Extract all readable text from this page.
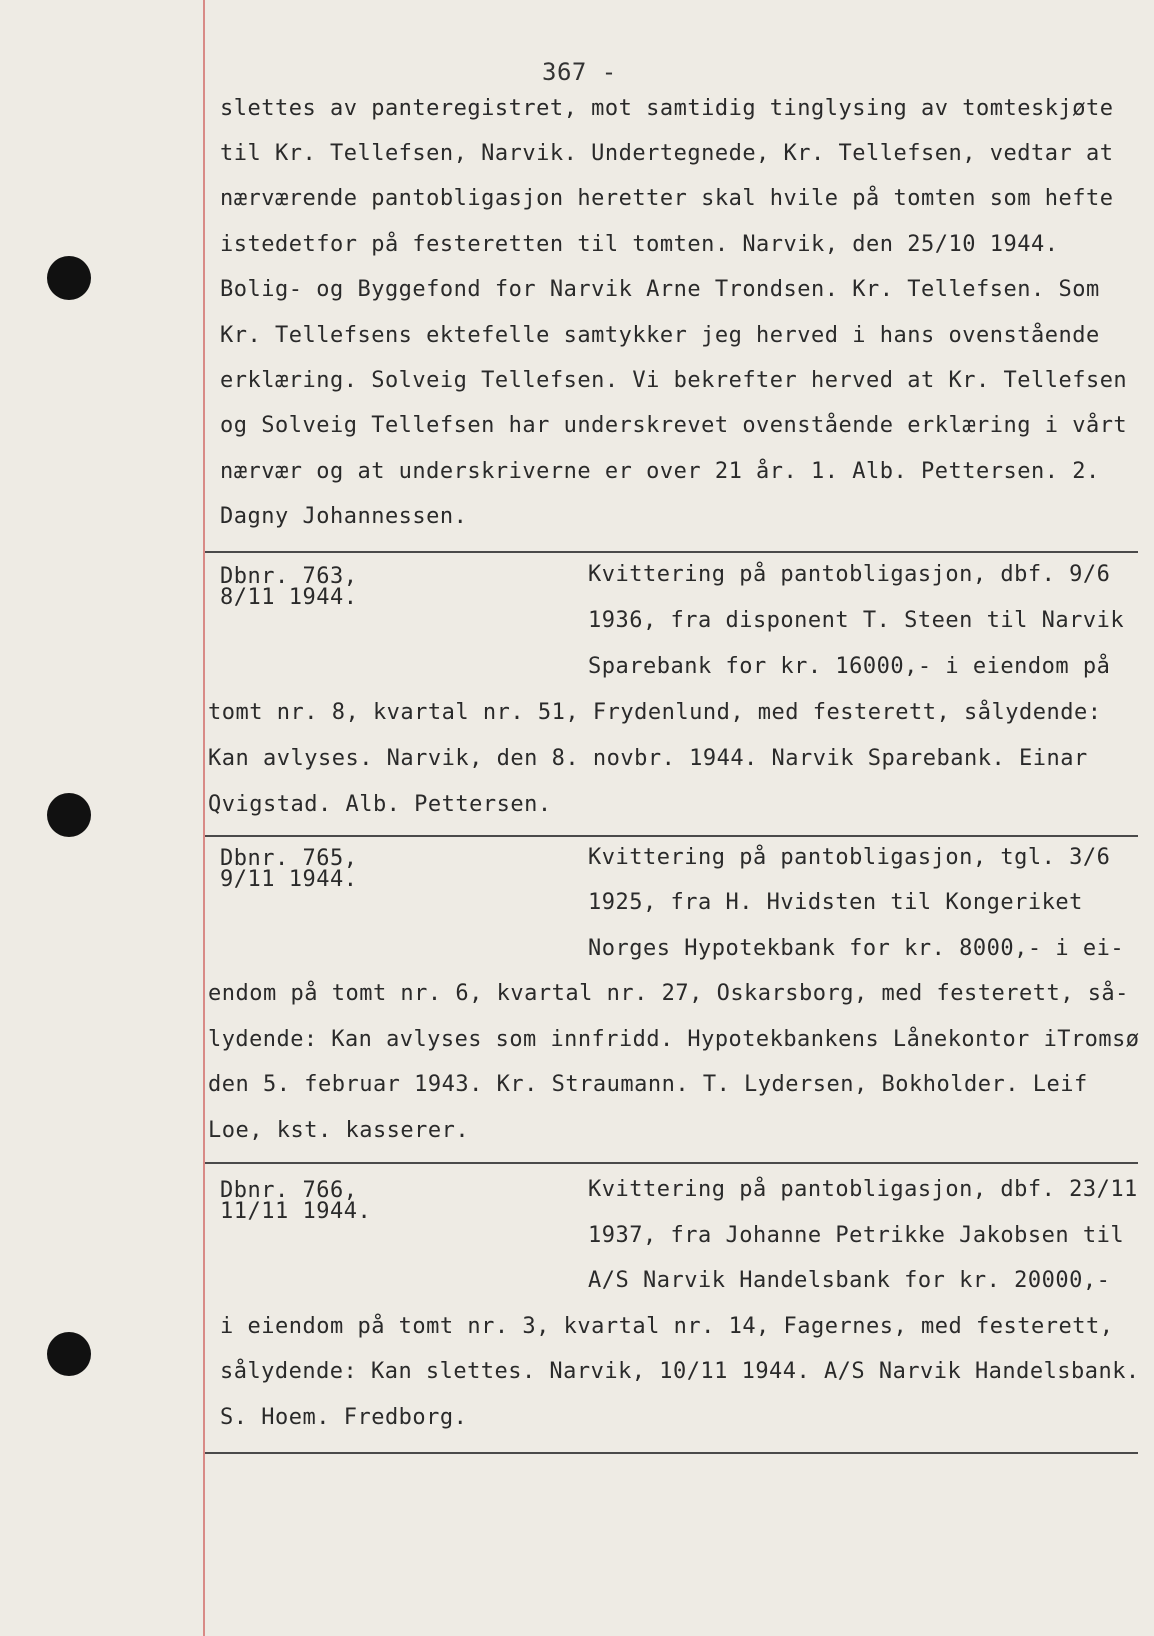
367 -
slettes av panteregistret, mot samtidig tinglysing av tomteskjøte
til Kr. Tellefsen, Narvik. Undertegnede, Kr. Tellefsen, vedtar at
nærværende pantobligasjon heretter skal hvile på tomten som hefte
istedetfor på festeretten til tomten. Narvik, den 25/10 1944.
Bolig- og Byggefond for Narvik Arne Trondsen. Kr. Tellefsen. Som
Kr. Tellefsens ektefelle samtykker jeg herved i hans ovenstående
erklæring. Solveig Tellefsen. Vi bekrefter herved at Kr. Tellefsen
og Solveig Tellefsen har underskrevet ovenstående erklæring i vårt
nærvær og at underskriverne er over 21 år. 1. Alb. Pettersen. 2.
Dagny Johannessen.
Dbnr. 763,
8/11 1944.
Kvittering på pantobligasjon, dbf. 9/6
1936, fra disponent T. Steen til Narvik
Sparebank for kr. 16000,- i eiendom på
tomt nr. 8, kvartal nr. 51, Frydenlund, med festerett, sålydende:
Kan avlyses. Narvik, den 8. novbr. 1944. Narvik Sparebank. Einar
Qvigstad. Alb. Pettersen.
Dbnr. 765,
9/11 1944.
Kvittering på pantobligasjon, tgl. 3/6
1925, fra H. Hvidsten til Kongeriket
Norges Hypotekbank for kr. 8000,- i ei-
endom på tomt nr. 6, kvartal nr. 27, Oskarsborg, med festerett, så-
lydende: Kan avlyses som innfridd. Hypotekbankens Lånekontor iTromsø
den 5. februar 1943. Kr. Straumann. T. Lydersen, Bokholder. Leif
Loe, kst. kasserer.
Dbnr. 766,
11/11 1944.
Kvittering på pantobligasjon, dbf. 23/11
1937, fra Johanne Petrikke Jakobsen til
A/S Narvik Handelsbank for kr. 20000,-
i eiendom på tomt nr. 3, kvartal nr. 14, Fagernes, med festerett,
sålydende: Kan slettes. Narvik, 10/11 1944. A/S Narvik Handelsbank.
S. Hoem. Fredborg.
